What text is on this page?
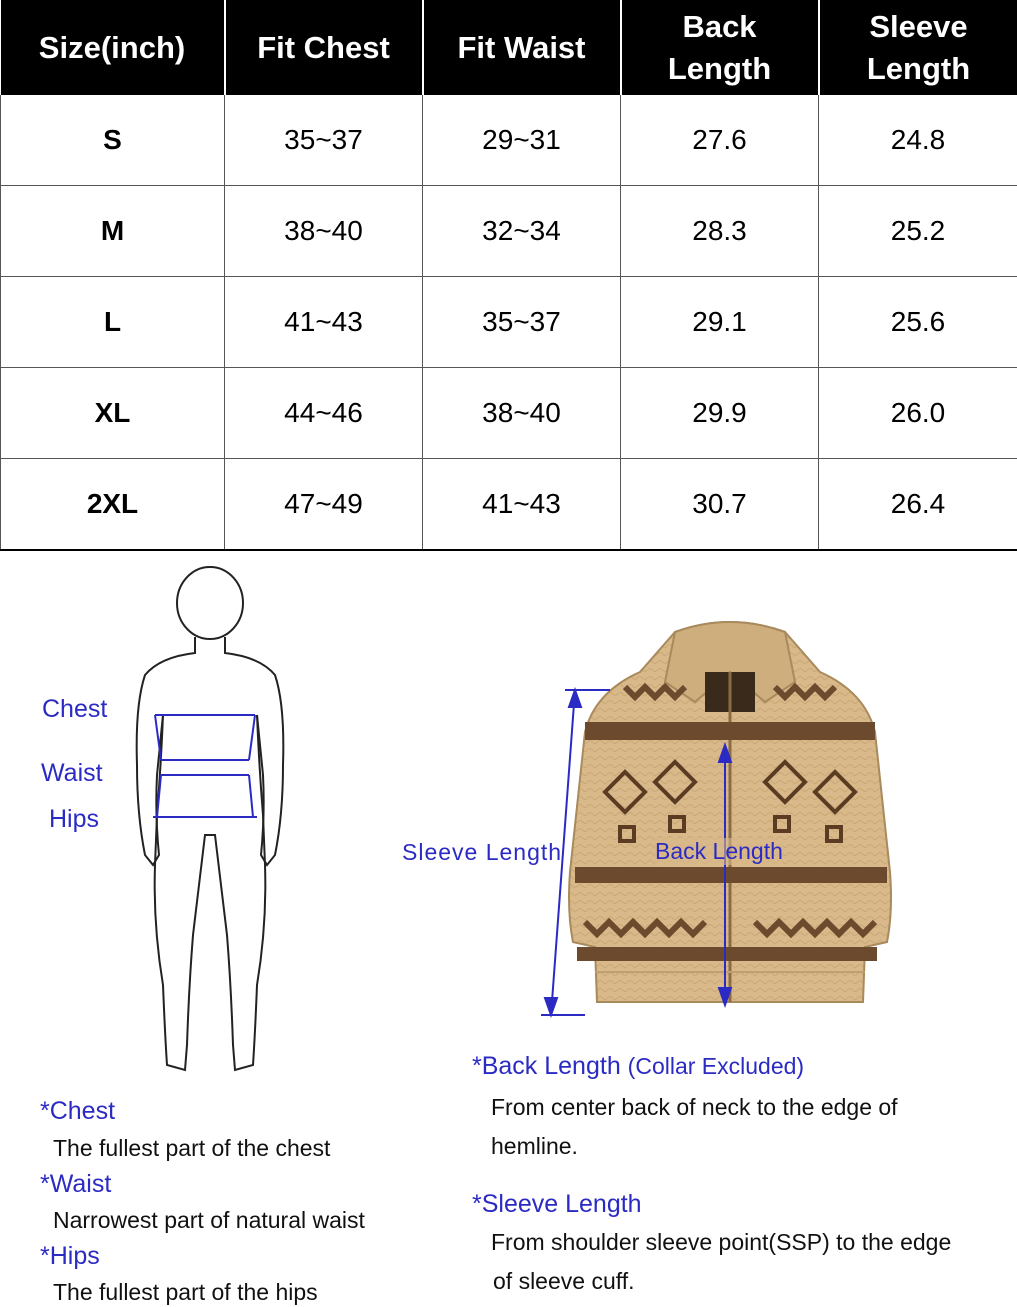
Size(inch)	Fit Chest	Fit Waist	Back Length	Sleeve Length

S	35~37	29~31	27.6	24.8
M	38~40	32~34	28.3	25.2
L	41~43	35~37	29.1	25.6
XL	44~46	38~40	29.9	26.0
2XL	47~49	41~43	30.7	26.4
Chest
Waist
Hips
Sleeve Length	Back Length
*Chest
The fullest part of the chest
*Waist
Narrowest part of natural waist
*Hips
The fullest part of the hips
*Back Length (Collar Excluded)
From center back of neck to the edge of
hemline.
*Sleeve Length
From shoulder sleeve point(SSP) to the edge
of sleeve cuff.
